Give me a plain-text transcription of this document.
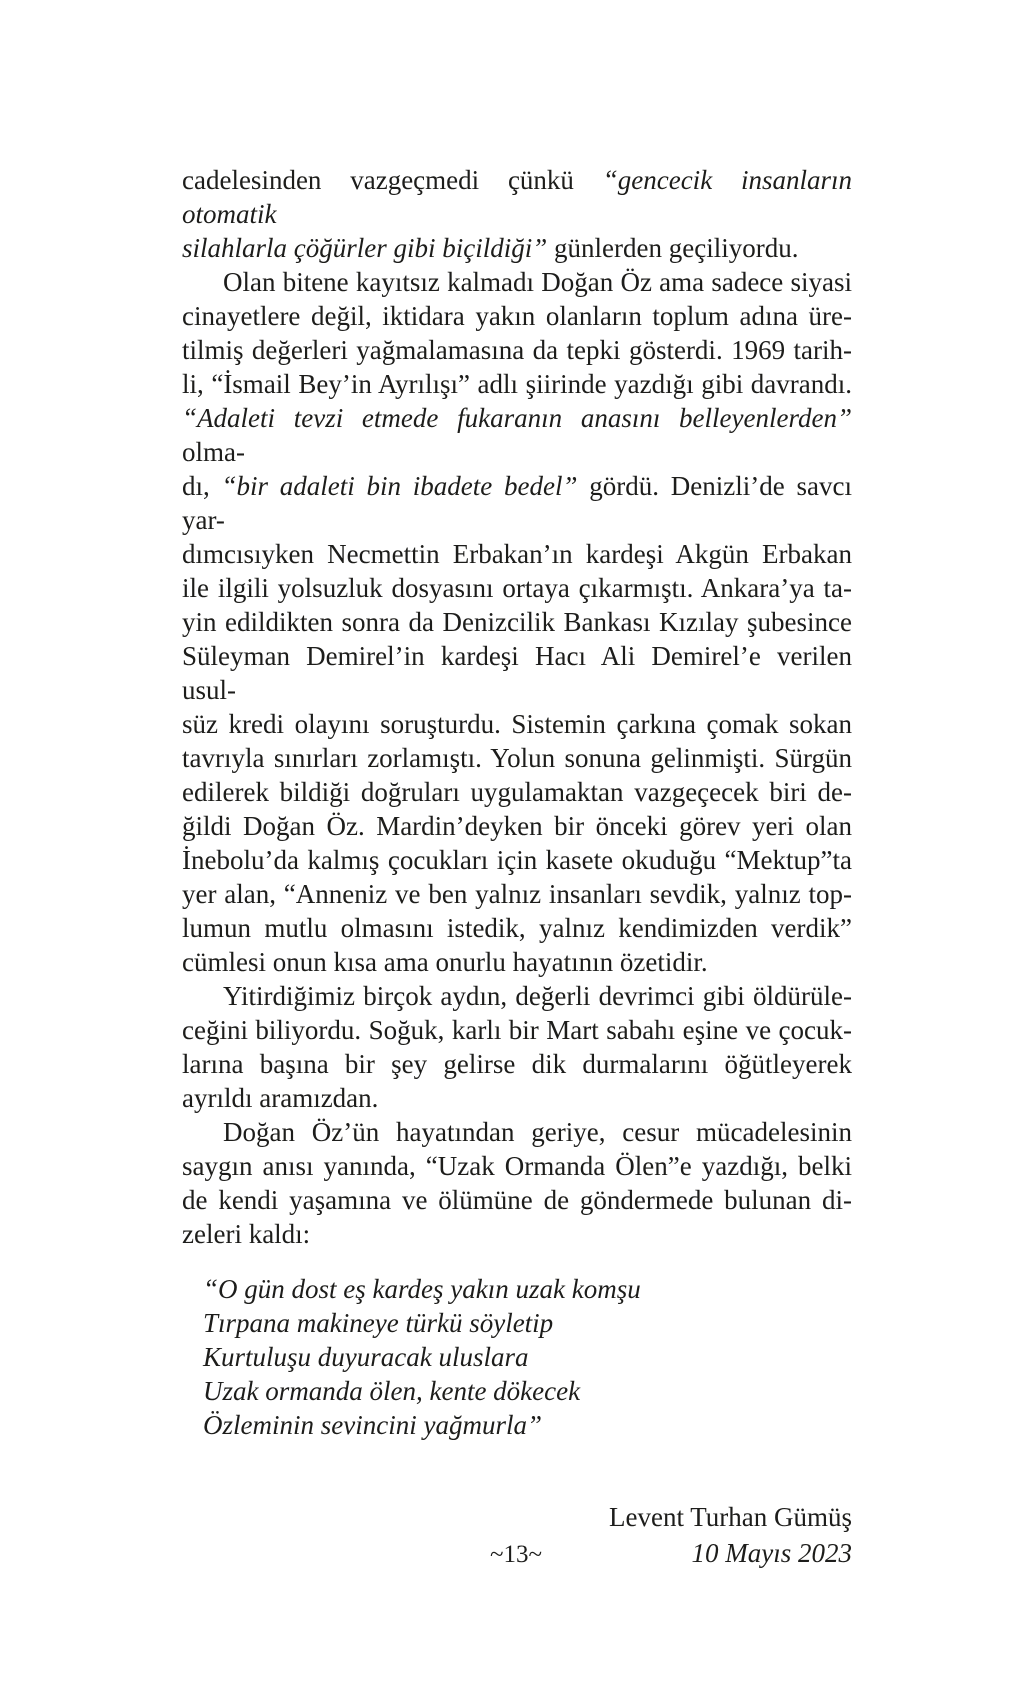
cadelesinden vazgeçmedi çünkü “gencecik insanların otomatik
silahlarla çöğürler gibi biçildiği” günlerden geçiliyordu.
Olan bitene kayıtsız kalmadı Doğan Öz ama sadece siyasi
cinayetlere değil, iktidara yakın olanların toplum adına üre-
tilmiş değerleri yağmalamasına da tepki gösterdi. 1969 tarih-
li, “İsmail Bey’in Ayrılışı” adlı şiirinde yazdığı gibi davrandı.
“Adaleti tevzi etmede fukaranın anasını belleyenlerden” olma-
dı, “bir adaleti bin ibadete bedel” gördü. Denizli’de savcı yar-
dımcısıyken Necmettin Erbakan’ın kardeşi Akgün Erbakan
ile ilgili yolsuzluk dosyasını ortaya çıkarmıştı. Ankara’ya ta-
yin edildikten sonra da Denizcilik Bankası Kızılay şubesince
Süleyman Demirel’in kardeşi Hacı Ali Demirel’e verilen usul-
süz kredi olayını soruşturdu. Sistemin çarkına çomak sokan
tavrıyla sınırları zorlamıştı. Yolun sonuna gelinmişti. Sürgün
edilerek bildiği doğruları uygulamaktan vazgeçecek biri de-
ğildi Doğan Öz. Mardin’deyken bir önceki görev yeri olan
İnebolu’da kalmış çocukları için kasete okuduğu “Mektup”ta
yer alan, “Anneniz ve ben yalnız insanları sevdik, yalnız top-
lumun mutlu olmasını istedik, yalnız kendimizden verdik”
cümlesi onun kısa ama onurlu hayatının özetidir.
Yitirdiğimiz birçok aydın, değerli devrimci gibi öldürüle-
ceğini biliyordu. Soğuk, karlı bir Mart sabahı eşine ve çocuk-
larına başına bir şey gelirse dik durmalarını öğütleyerek
ayrıldı aramızdan.
Doğan Öz’ün hayatından geriye, cesur mücadelesinin
saygın anısı yanında, “Uzak Ormanda Ölen”e yazdığı, belki
de kendi yaşamına ve ölümüne de göndermede bulunan di-
zeleri kaldı:
“O gün dost eş kardeş yakın uzak komşu
Tırpana makineye türkü söyletip
Kurtuluşu duyuracak uluslara
Uzak ormanda ölen, kente dökecek
Özleminin sevincini yağmurla”
Levent Turhan Gümüş
10 Mayıs 2023
~13~
